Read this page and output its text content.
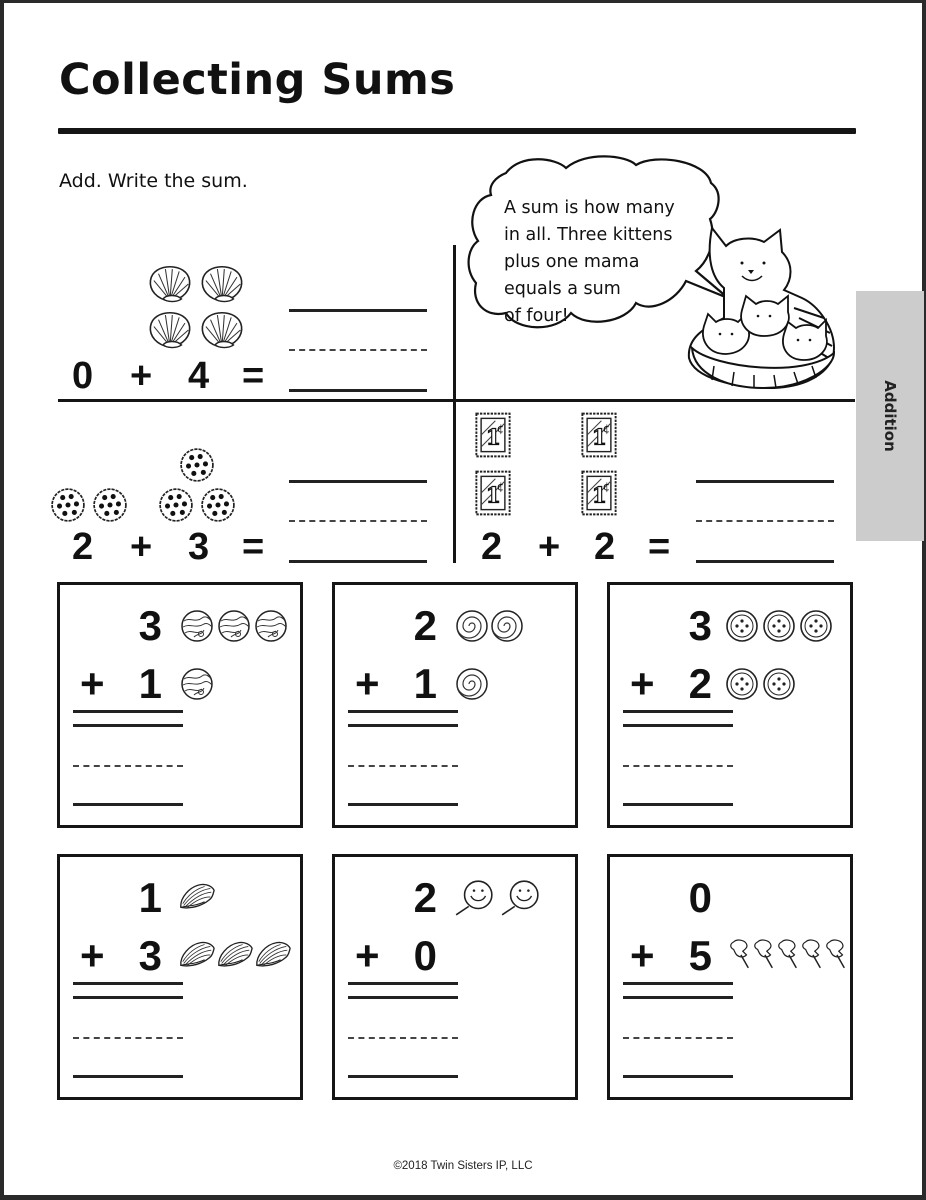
Collecting Sums
Add. Write the sum.
A sum is how many
in all. Three kittens
plus one mama
equals a sum
of four!
Addition
0 + 4 =
2 + 3 =	2 + 2 =
3
+ 1
2
+ 1
3
+ 2
1
+ 3
2
+ 0
0
+ 5
©2018 Twin Sisters IP, LLC
